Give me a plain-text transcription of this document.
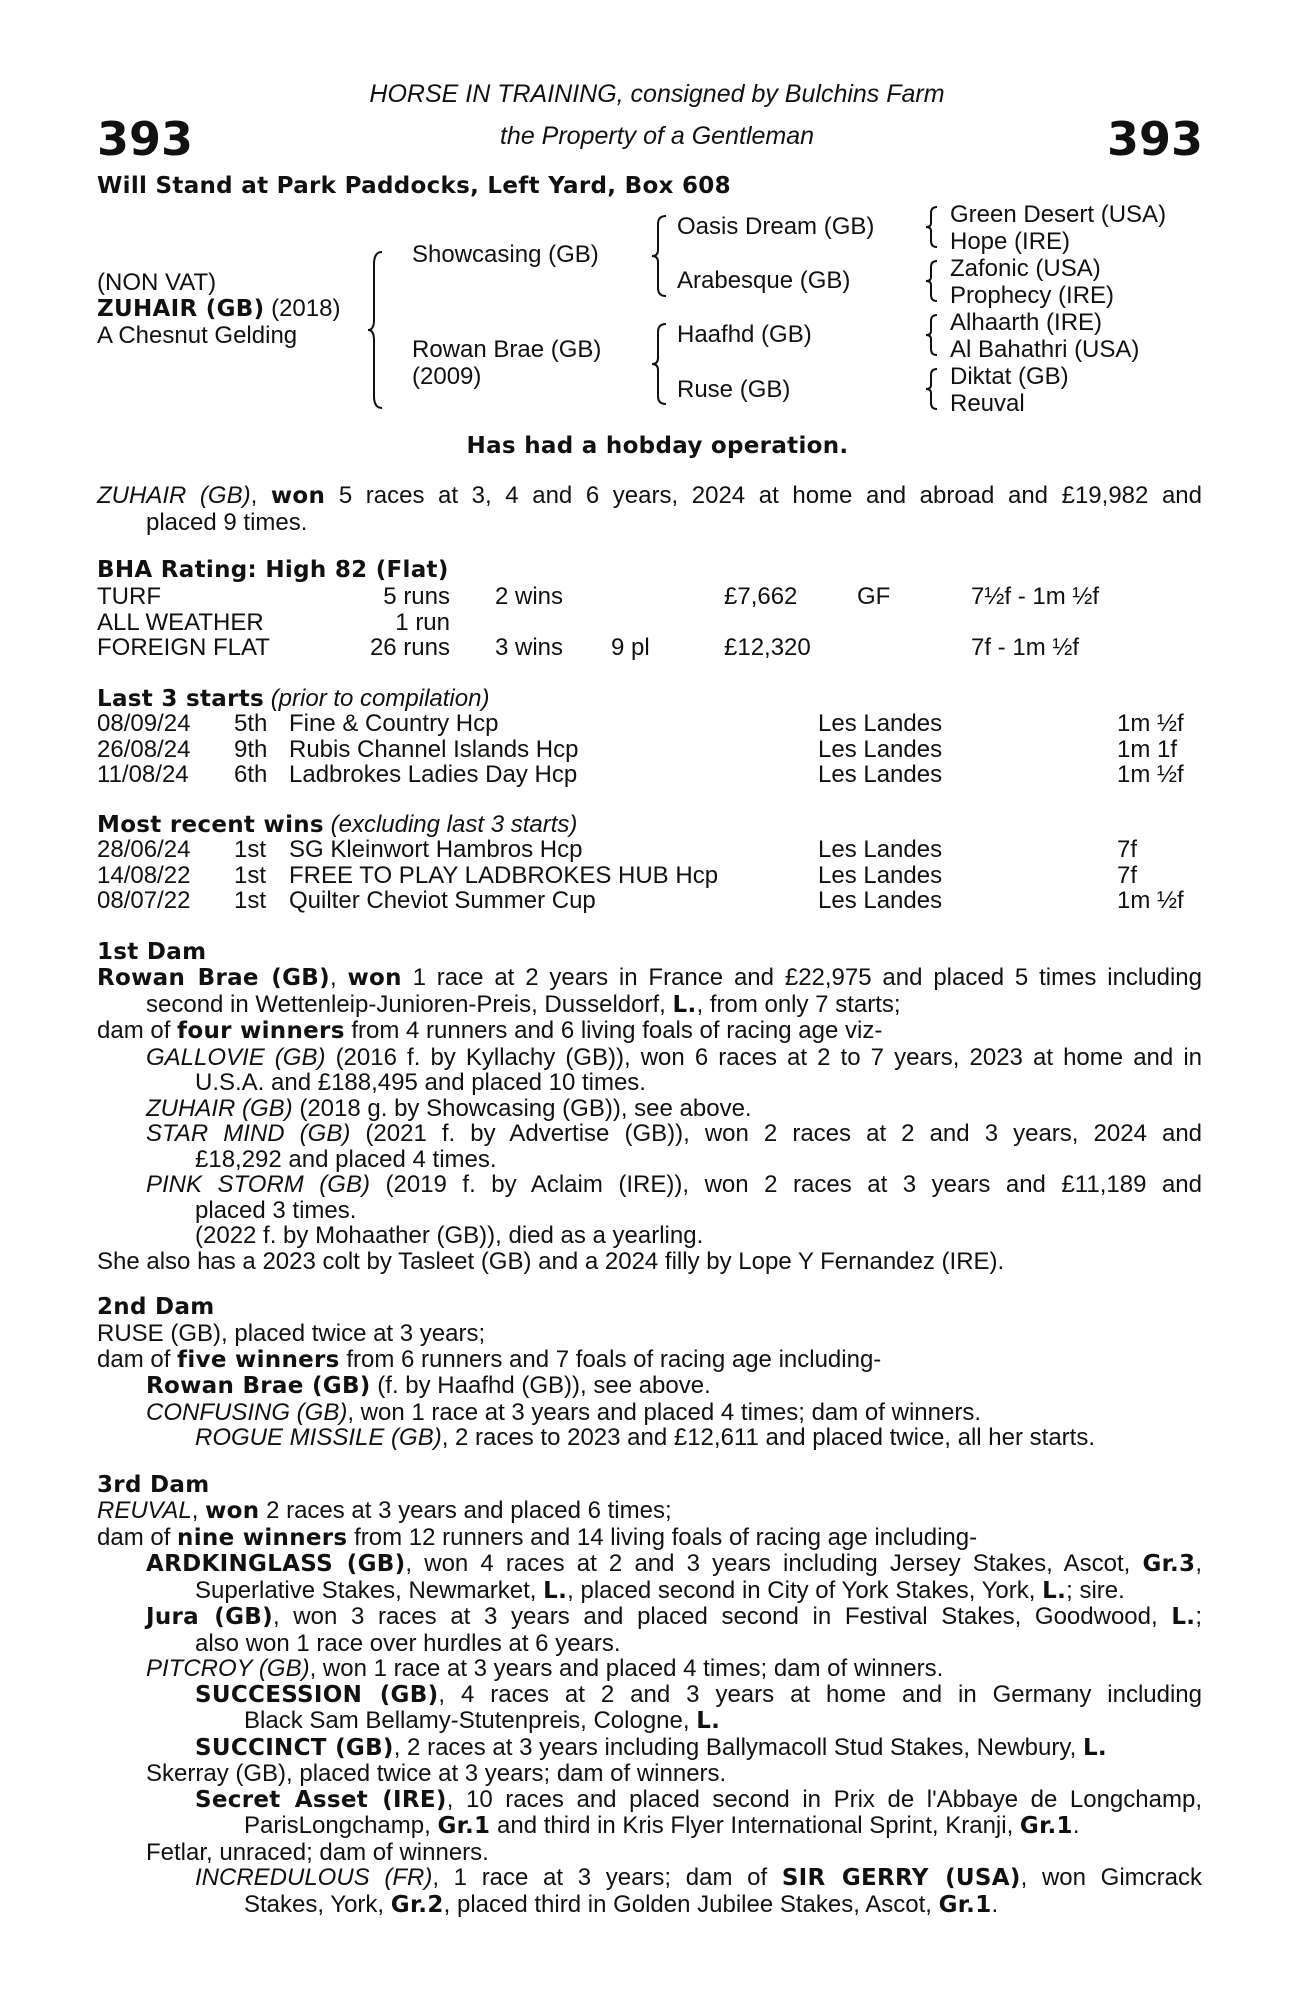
393	393
HORSE IN TRAINING, consigned by Bulchins Farm
the Property of a Gentleman
Will Stand at Park Paddocks, Left Yard, Box 608
(NON VAT)
ZUHAIR (GB) (2018)
A Chesnut Gelding
Showcasing (GB)
Rowan Brae (GB)
(2009)
Oasis Dream (GB)
Arabesque (GB)
Haafhd (GB)
Ruse (GB)
Green Desert (USA)
Hope (IRE)
Zafonic (USA)
Prophecy (IRE)
Alhaarth (IRE)
Al Bahathri (USA)
Diktat (GB)
Reuval
Has had a hobday operation.
ZUHAIR (GB), won 5 races at 3, 4 and 6 years, 2024 at home and abroad and £19,982 and
placed 9 times.
BHA Rating: High 82 (Flat)
TURF	5 runs 2 wins	£7,662 GF	7½f - 1m ½f
ALL WEATHER	1 run
FOREIGN FLAT	26 runs 3 wins 9 pl	£12,320	7f - 1m ½f
Last 3 starts (prior to compilation)
08/09/24 5th Fine & Country Hcp	Les Landes	1m ½f
26/08/24 9th Rubis Channel Islands Hcp	Les Landes	1m 1f
11/08/24 6th Ladbrokes Ladies Day Hcp	Les Landes	1m ½f
Most recent wins (excluding last 3 starts)
28/06/24 1st SG Kleinwort Hambros Hcp	Les Landes	7f
14/08/22 1st FREE TO PLAY LADBROKES HUB Hcp	Les Landes	7f
08/07/22 1st Quilter Cheviot Summer Cup	Les Landes	1m ½f
1st Dam
Rowan Brae (GB), won 1 race at 2 years in France and £22,975 and placed 5 times including
second in Wettenleip-Junioren-Preis, Dusseldorf, L., from only 7 starts;
dam of four winners from 4 runners and 6 living foals of racing age viz-
GALLOVIE (GB) (2016 f. by Kyllachy (GB)), won 6 races at 2 to 7 years, 2023 at home and in
U.S.A. and £188,495 and placed 10 times.
ZUHAIR (GB) (2018 g. by Showcasing (GB)), see above.
STAR MIND (GB) (2021 f. by Advertise (GB)), won 2 races at 2 and 3 years, 2024 and
£18,292 and placed 4 times.
PINK STORM (GB) (2019 f. by Aclaim (IRE)), won 2 races at 3 years and £11,189 and
placed 3 times.
(2022 f. by Mohaather (GB)), died as a yearling.
She also has a 2023 colt by Tasleet (GB) and a 2024 filly by Lope Y Fernandez (IRE).
2nd Dam
RUSE (GB), placed twice at 3 years;
dam of five winners from 6 runners and 7 foals of racing age including-
Rowan Brae (GB) (f. by Haafhd (GB)), see above.
CONFUSING (GB), won 1 race at 3 years and placed 4 times; dam of winners.
ROGUE MISSILE (GB), 2 races to 2023 and £12,611 and placed twice, all her starts.
3rd Dam
REUVAL, won 2 races at 3 years and placed 6 times;
dam of nine winners from 12 runners and 14 living foals of racing age including-
ARDKINGLASS (GB), won 4 races at 2 and 3 years including Jersey Stakes, Ascot, Gr.3,
Superlative Stakes, Newmarket, L., placed second in City of York Stakes, York, L.; sire.
Jura (GB), won 3 races at 3 years and placed second in Festival Stakes, Goodwood, L.;
also won 1 race over hurdles at 6 years.
PITCROY (GB), won 1 race at 3 years and placed 4 times; dam of winners.
SUCCESSION (GB), 4 races at 2 and 3 years at home and in Germany including
Black Sam Bellamy-Stutenpreis, Cologne, L.
SUCCINCT (GB), 2 races at 3 years including Ballymacoll Stud Stakes, Newbury, L.
Skerray (GB), placed twice at 3 years; dam of winners.
Secret Asset (IRE), 10 races and placed second in Prix de l'Abbaye de Longchamp,
ParisLongchamp, Gr.1 and third in Kris Flyer International Sprint, Kranji, Gr.1.
Fetlar, unraced; dam of winners.
INCREDULOUS (FR), 1 race at 3 years; dam of SIR GERRY (USA), won Gimcrack
Stakes, York, Gr.2, placed third in Golden Jubilee Stakes, Ascot, Gr.1.
